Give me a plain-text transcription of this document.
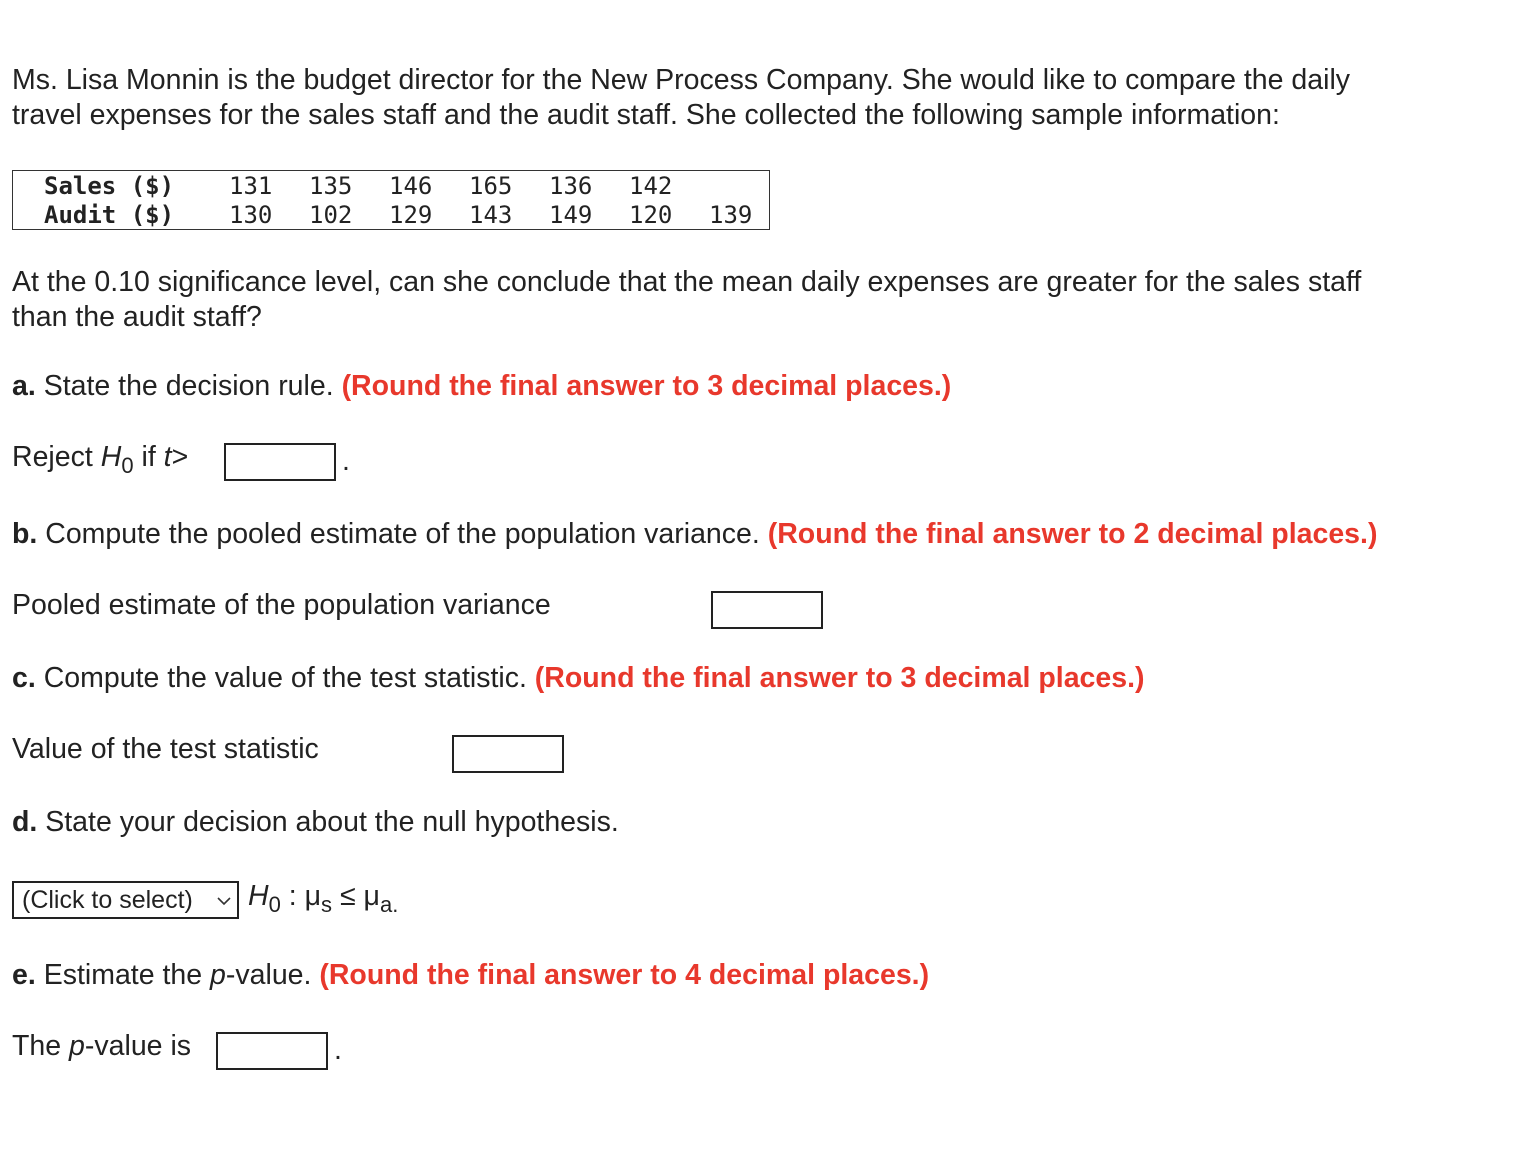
Ms. Lisa Monnin is the budget director for the New Process Company. She would like to compare the daily
travel expenses for the sales staff and the audit staff. She collected the following sample information:
Sales ($) 131 135 146 165 136 142
Audit ($) 130 102 129 143 149 120 139
At the 0.10 significance level, can she conclude that the mean daily expenses are greater for the sales staff
than the audit staff?
a. State the decision rule. (Round the final answer to 3 decimal places.)
Reject $H_0$ if t>	.
b. Compute the pooled estimate of the population variance. (Round the final answer to 2 decimal places.)
Pooled estimate of the population variance
c. Compute the value of the test statistic. (Round the final answer to 3 decimal places.)
Value of the test statistic
d. State your decision about the null hypothesis.
(Click to select) $H_0$ : $\mu_s \le \mu_{a.}$
e. Estimate the p-value. (Round the final answer to 4 decimal places.)
The p-value is	.
